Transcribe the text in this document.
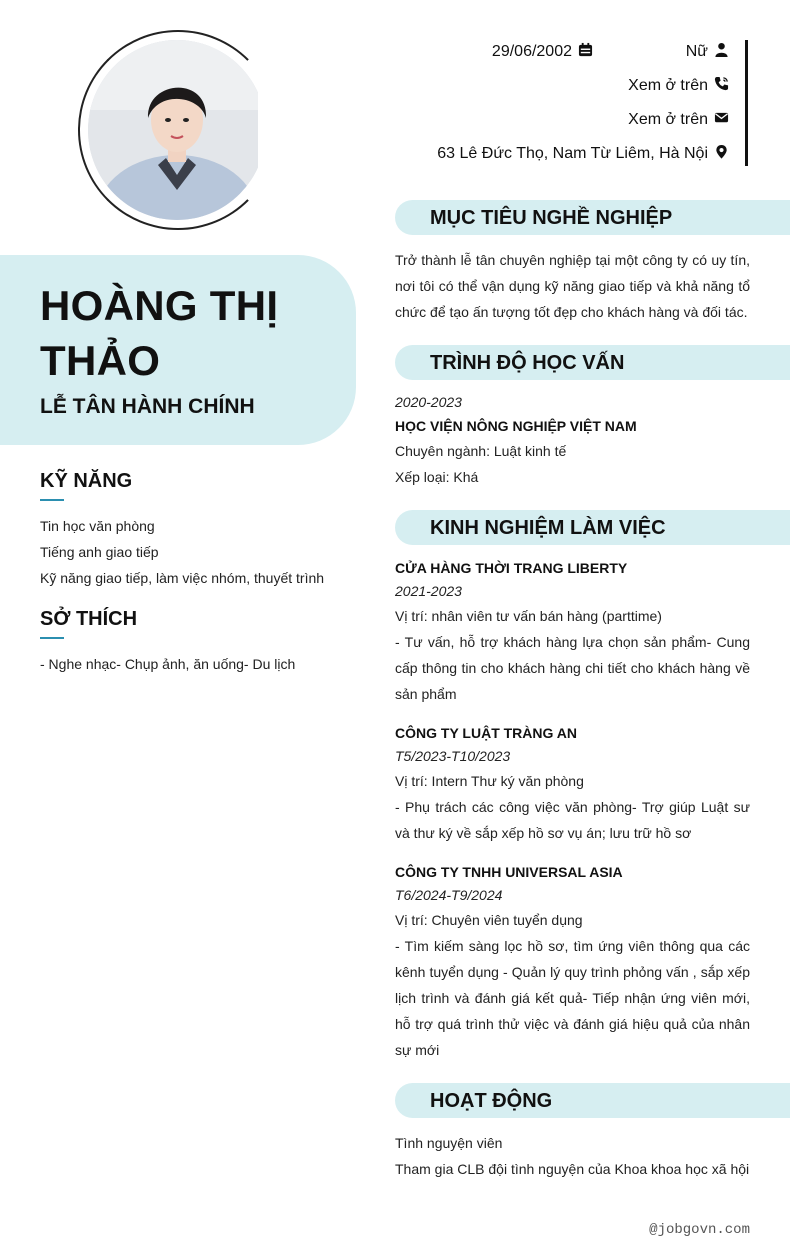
HOÀNG THỊ THẢO
LỄ TÂN HÀNH CHÍNH
KỸ NĂNG
Tin học văn phòng
Tiếng anh giao tiếp
Kỹ năng giao tiếp, làm việc nhóm, thuyết trình
SỞ THÍCH
- Nghe nhạc- Chụp ảnh, ăn uống- Du lịch
29/06/2002	Nữ
Xem ở trên
Xem ở trên
63 Lê Đức Thọ, Nam Từ Liêm, Hà Nội
MỤC TIÊU NGHỀ NGHIỆP
Trở thành lễ tân chuyên nghiệp tại một công ty có uy tín, nơi tôi có thể vận dụng kỹ năng giao tiếp và khả năng tổ chức để tạo ấn tượng tốt đẹp cho khách hàng và đối tác.
TRÌNH ĐỘ HỌC VẤN
2020-2023
HỌC VIỆN NÔNG NGHIỆP VIỆT NAM
Chuyên ngành: Luật kinh tế
Xếp loại: Khá
KINH NGHIỆM LÀM VIỆC
CỬA HÀNG THỜI TRANG LIBERTY
2021-2023
Vị trí: nhân viên tư vấn bán hàng (parttime)
- Tư vấn, hỗ trợ khách hàng lựa chọn sản phẩm- Cung cấp thông tin cho khách hàng chi tiết cho khách hàng về sản phẩm
CÔNG TY LUẬT TRÀNG AN
T5/2023-T10/2023
Vị trí: Intern Thư ký văn phòng
- Phụ trách các công việc văn phòng- Trợ giúp Luật sư và thư ký về sắp xếp hồ sơ vụ án; lưu trữ hồ sơ
CÔNG TY TNHH UNIVERSAL ASIA
T6/2024-T9/2024
Vị trí: Chuyên viên tuyển dụng
- Tìm kiếm sàng lọc hồ sơ, tìm ứng viên thông qua các kênh tuyển dụng - Quản lý quy trình phỏng vấn , sắp xếp lịch trình và đánh giá kết quả- Tiếp nhận ứng viên mới, hỗ trợ quá trình thử việc và đánh giá hiệu quả của nhân sự mới
HOẠT ĐỘNG
Tình nguyện viên
Tham gia CLB đội tình nguyện của Khoa khoa học xã hội
@jobgovn.com
